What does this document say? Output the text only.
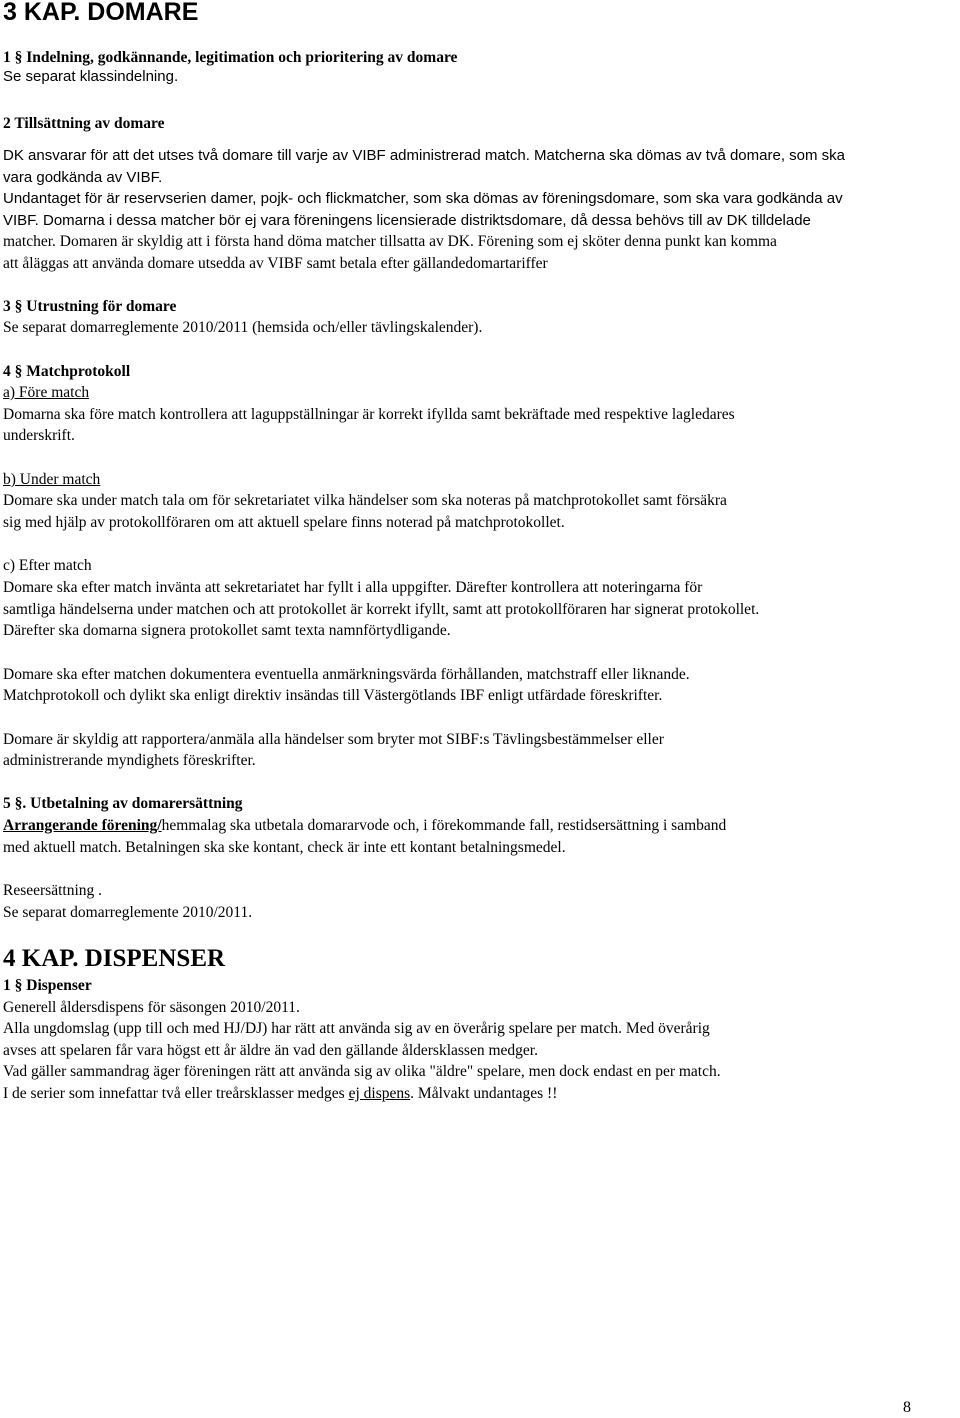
3 KAP. DOMARE
1 § Indelning, godkännande, legitimation och prioritering av domare
Se separat klassindelning.
2 Tillsättning av domare
DK ansvarar för att det utses två domare till varje av VIBF administrerad match. Matcherna ska dömas av två domare, som ska
vara godkända av VIBF.
Undantaget för är reservserien damer, pojk- och flickmatcher, som ska dömas av föreningsdomare, som ska vara godkända av
VIBF. Domarna i dessa matcher bör ej vara föreningens licensierade distriktsdomare, då dessa behövs till av DK tilldelade
matcher. Domaren är skyldig att i första hand döma matcher tillsatta av DK. Förening som ej sköter denna punkt kan komma
att åläggas att använda domare utsedda av VIBF samt betala efter gällandedomartariffer
3 § Utrustning för domare
Se separat domarreglemente 2010/2011 (hemsida och/eller tävlingskalender).
4 § Matchprotokoll
a) Före match
Domarna ska före match kontrollera att laguppställningar är korrekt ifyllda samt bekräftade med respektive lagledares
underskrift.
b) Under match
Domare ska under match tala om för sekretariatet vilka händelser som ska noteras på matchprotokollet samt försäkra
sig med hjälp av protokollföraren om att aktuell spelare finns noterad på matchprotokollet.
c) Efter match
Domare ska efter match invänta att sekretariatet har fyllt i alla uppgifter. Därefter kontrollera att noteringarna för
samtliga händelserna under matchen och att protokollet är korrekt ifyllt, samt att protokollföraren har signerat protokollet.
Därefter ska domarna signera protokollet samt texta namnförtydligande.
Domare ska efter matchen dokumentera eventuella anmärkningsvärda förhållanden, matchstraff eller liknande.
Matchprotokoll och dylikt ska enligt direktiv insändas till Västergötlands IBF enligt utfärdade föreskrifter.
Domare är skyldig att rapportera/anmäla alla händelser som bryter mot SIBF:s Tävlingsbestämmelser eller
administrerande myndighets föreskrifter.
5 §. Utbetalning av domarersättning
Arrangerande förening/hemmalag ska utbetala domararvode och, i förekommande fall, restidsersättning i samband
med aktuell match. Betalningen ska ske kontant, check är inte ett kontant betalningsmedel.
Reseersättning .
Se separat domarreglemente 2010/2011.
4 KAP. DISPENSER
1 § Dispenser
Generell åldersdispens för säsongen 2010/2011.
Alla ungdomslag (upp till och med HJ/DJ) har rätt att använda sig av en överårig spelare per match. Med överårig
avses att spelaren får vara högst ett år äldre än vad den gällande åldersklassen medger.
Vad gäller sammandrag äger föreningen rätt att använda sig av olika "äldre" spelare, men dock endast en per match.
I de serier som innefattar två eller treårsklasser medges ej dispens. Målvakt undantages !!
8
